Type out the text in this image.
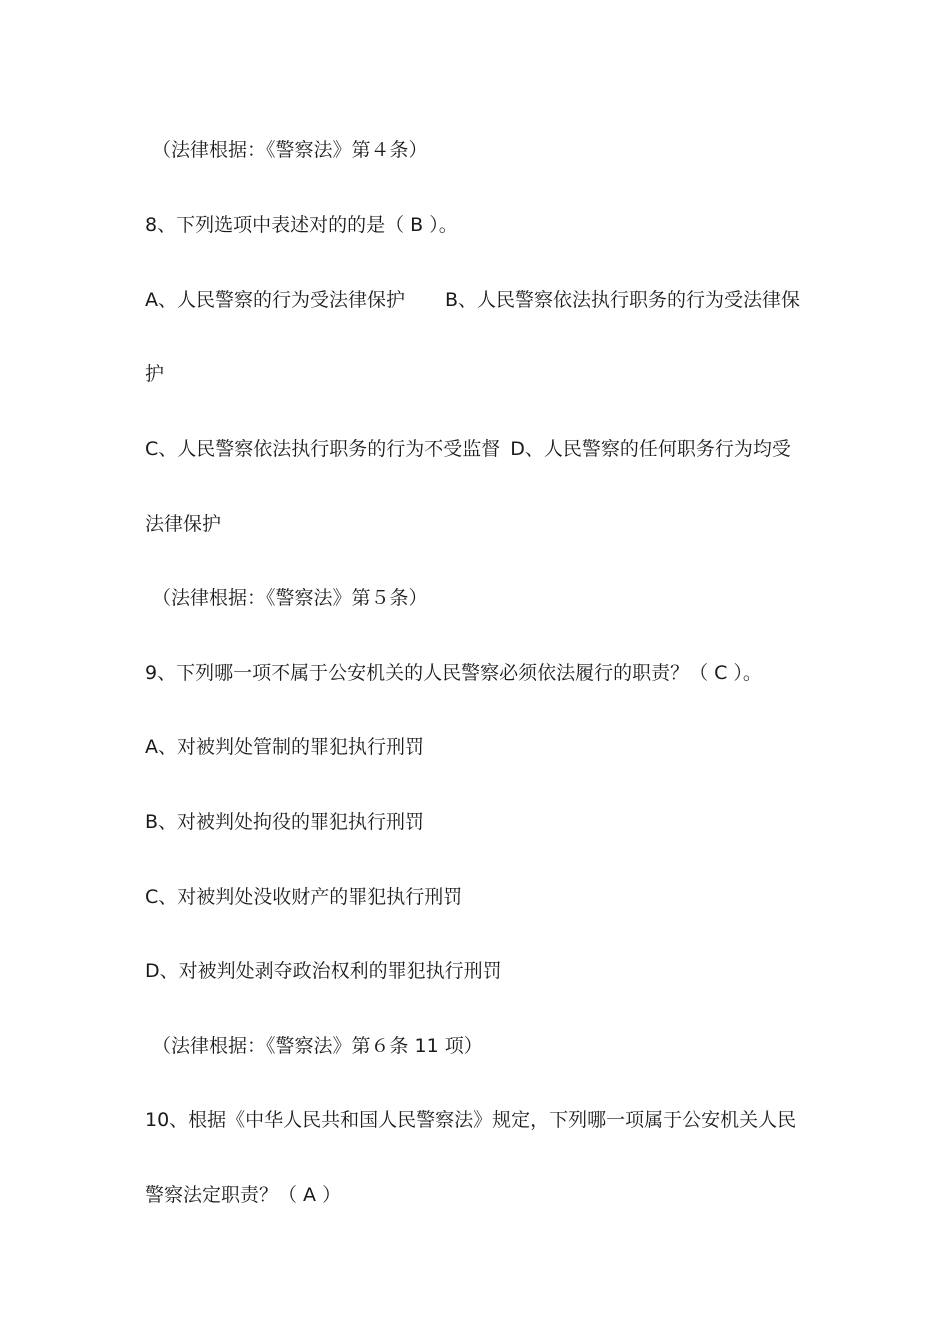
（法律根据：《警察法》第４条）
8、下列选项中表述对的的是（ B ）。
A、人民警察的行为受法律保护 B、人民警察依法执行职务的行为受法律保
护
C、人民警察依法执行职务的行为不受监督 D、人民警察的任何职务行为均受
法律保护
（法律根据：《警察法》第５条）
9、下列哪一项不属于公安机关的人民警察必须依法履行的职责？（ C ）。
A、对被判处管制的罪犯执行刑罚
B、对被判处拘役的罪犯执行刑罚
C、对被判处没收财产的罪犯执行刑罚
D、对被判处剥夺政治权利的罪犯执行刑罚
（法律根据：《警察法》第６条 11 项）
10、根据《中华人民共和国人民警察法》规定，下列哪一项属于公安机关人民
警察法定职责？（ A ）
